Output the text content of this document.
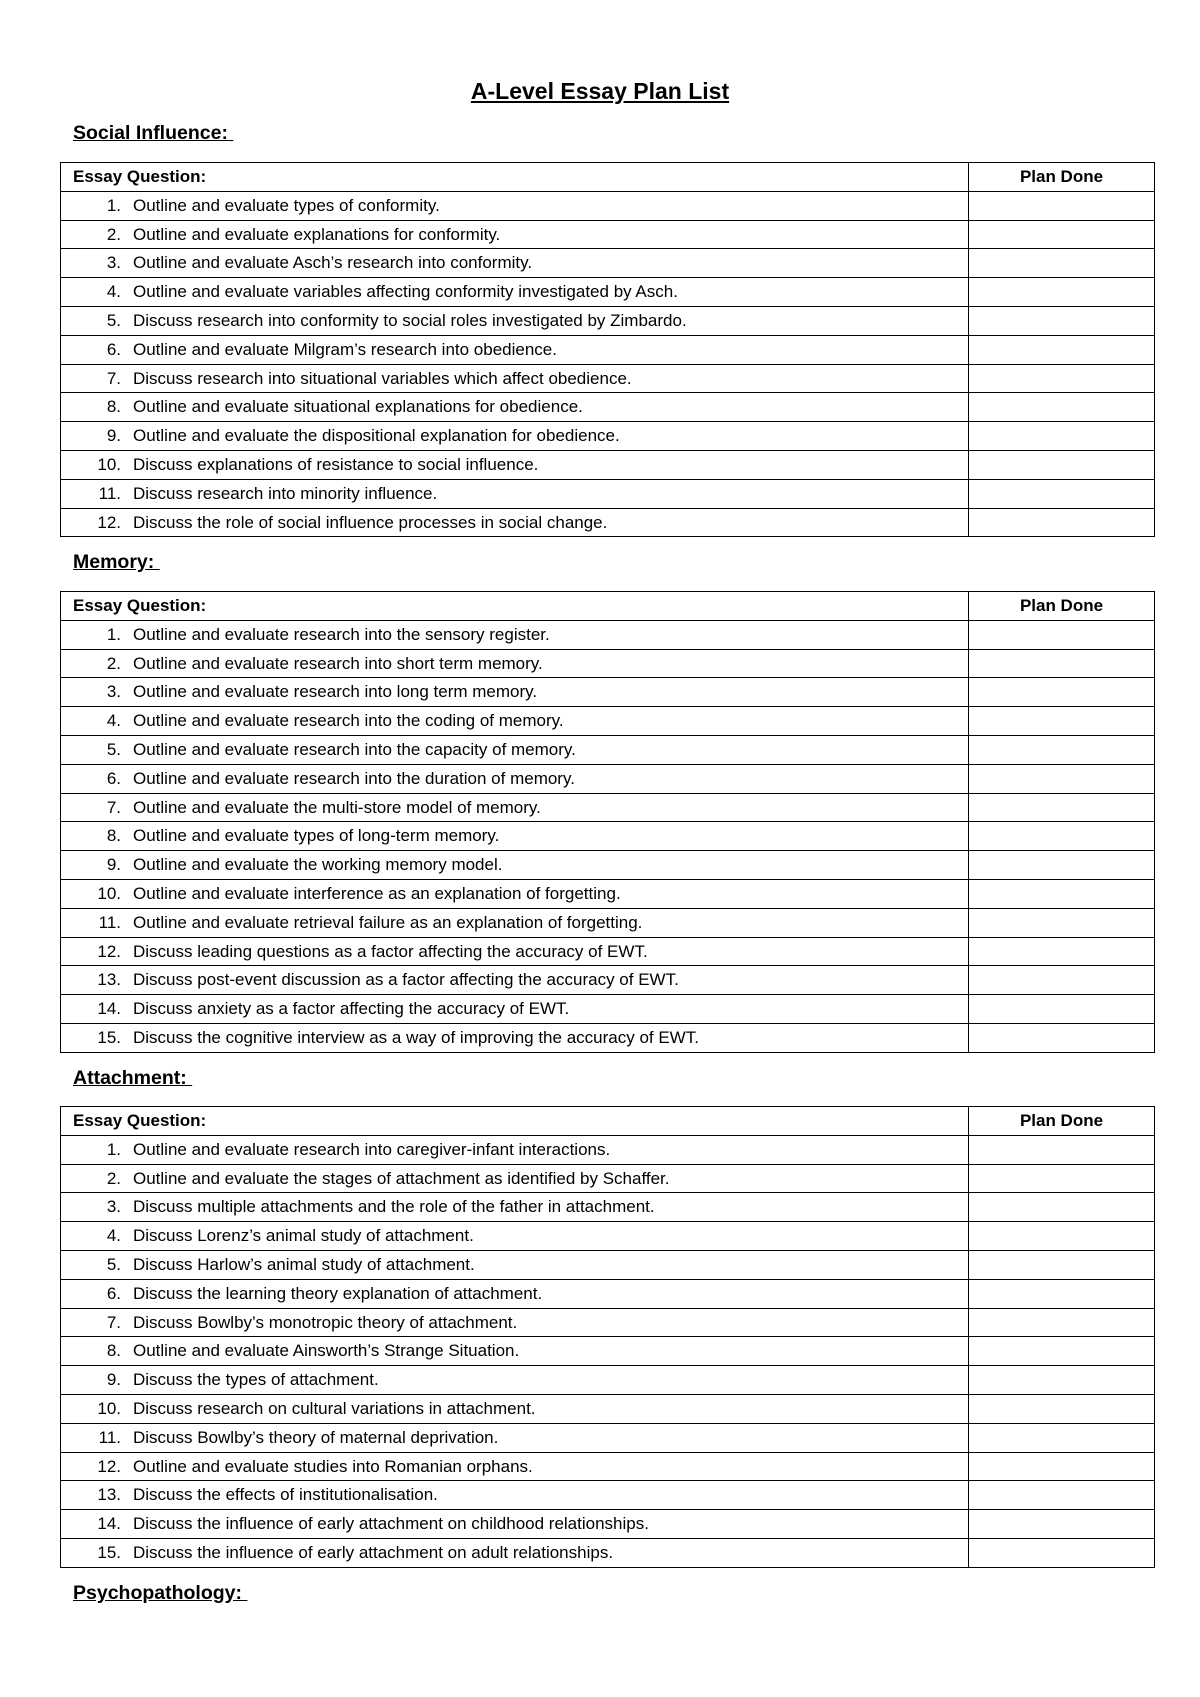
A-Level Essay Plan List
Social Influence:
Essay Question:	Plan Done
1. Outline and evaluate types of conformity.	
2. Outline and evaluate explanations for conformity.	
3. Outline and evaluate Asch’s research into conformity.	
4. Outline and evaluate variables affecting conformity investigated by Asch.	
5. Discuss research into conformity to social roles investigated by Zimbardo.	
6. Outline and evaluate Milgram’s research into obedience.	
7. Discuss research into situational variables which affect obedience.	
8. Outline and evaluate situational explanations for obedience.	
9. Outline and evaluate the dispositional explanation for obedience.	
10. Discuss explanations of resistance to social influence.	
11. Discuss research into minority influence.	
12. Discuss the role of social influence processes in social change.	
Memory:
Essay Question:	Plan Done
1. Outline and evaluate research into the sensory register.	
2. Outline and evaluate research into short term memory.	
3. Outline and evaluate research into long term memory.	
4. Outline and evaluate research into the coding of memory.	
5. Outline and evaluate research into the capacity of memory.	
6. Outline and evaluate research into the duration of memory.	
7. Outline and evaluate the multi-store model of memory.	
8. Outline and evaluate types of long-term memory.	
9. Outline and evaluate the working memory model.	
10. Outline and evaluate interference as an explanation of forgetting.	
11. Outline and evaluate retrieval failure as an explanation of forgetting.	
12. Discuss leading questions as a factor affecting the accuracy of EWT.	
13. Discuss post-event discussion as a factor affecting the accuracy of EWT.	
14. Discuss anxiety as a factor affecting the accuracy of EWT.	
15. Discuss the cognitive interview as a way of improving the accuracy of EWT.	
Attachment:
Essay Question:	Plan Done
1. Outline and evaluate research into caregiver-infant interactions.	
2. Outline and evaluate the stages of attachment as identified by Schaffer.	
3. Discuss multiple attachments and the role of the father in attachment.	
4. Discuss Lorenz’s animal study of attachment.	
5. Discuss Harlow’s animal study of attachment.	
6. Discuss the learning theory explanation of attachment.	
7. Discuss Bowlby’s monotropic theory of attachment.	
8. Outline and evaluate Ainsworth’s Strange Situation.	
9. Discuss the types of attachment.	
10. Discuss research on cultural variations in attachment.	
11. Discuss Bowlby’s theory of maternal deprivation.	
12. Outline and evaluate studies into Romanian orphans.	
13. Discuss the effects of institutionalisation.	
14. Discuss the influence of early attachment on childhood relationships.	
15. Discuss the influence of early attachment on adult relationships.	
Psychopathology:
